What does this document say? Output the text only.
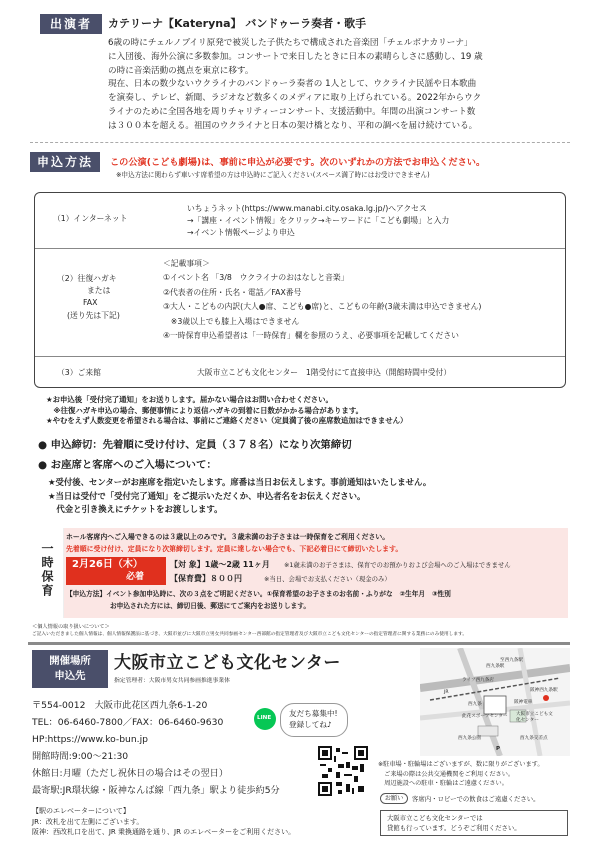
出演者	カテリーナ【Kateryna】 バンドゥーラ奏者・歌手
6歳の時にチェルノブイリ原発で被災した子供たちで構成された音楽団「チェルボナカリーナ」
に入団後、海外公演に多数参加。コンサートで来日したときに日本の素晴らしさに感動し、19 歳
の時に音楽活動の拠点を東京に移す。
現在、日本の数少ないウクライナのバンドゥーラ奏者の 1人として、ウクライナ民謡や日本歌曲
を演奏し、テレビ、新聞、ラジオなど数多くのメディアに取り上げられている。2022年からウク
ライナのために全国各地を周りチャリティーコンサート、支援活動中。年間の出演コンサート数
は３００本を超える。祖国のウクライナと日本の架け橋となり、平和の調べを届け続けている。
申込方法	この公演(こども劇場)は、事前に申込が必要です。次のいずれかの方法でお申込ください。
※申込方法に関わらず車いす席希望の方は申込時にご記入ください(スペース満了時にはお受けできません)
（1）インターネット
いちょうネット(https://www.manabi.city.osaka.lg.jp/)へアクセス
→「講座・イベント情報」をクリック→キーワードに「こども劇場」と入力
→イベント情報ページより申込
（2）往復ハガキ
または
FAX
(送り先は下記)
＜記載事項＞
①イベント名 「3/8　ウクライナのおはなしと音楽」
②代表者の住所・氏名・電話／FAX番号
③大人・こどもの内訳(大人●席、こども●席)と、こどもの年齢(3歳未満は申込できません)
　※3歳以上でも膝上入場はできません
④一時保育申込希望者は「一時保育」欄を参照のうえ、必要事項を記載してください
（3）ご来館	大阪市立こども文化センター　1階受付にて直接申込（開館時間中受付）
★お申込後「受付完了通知」をお送りします。届かない場合はお問い合わせください。
　※往復ハガキ申込の場合、郵便事情により返信ハガキの到着に日数がかかる場合があります。
★やむをえず人数変更を希望される場合は、事前にご連絡ください（定員満了後の座席数追加はできません）
● 申込締切：先着順に受け付け、定員（３７８名）になり次第締切
● お座席と客席へのご入場について：
★受付後、センターがお座席を指定いたします。席番は当日お伝えします。事前通知はいたしません。
★当日は受付で「受付完了通知」をご提示いただくか、申込者名をお伝えください。
　代金と引き換えにチケットをお渡しします。
一時保育
ホール客席内へご入場できるのは３歳以上のみです。３歳未満のお子さまは一時保育をご利用ください。
先着順に受け付け、定員になり次第締切します。定員に達しない場合でも、下記必着日にて締切いたします。
2月26日（木）
必着
【対 象】1歳～2歳 11ヶ月 ※1歳未満のお子さまは、保育でのお預かりおよび会場へのご入場はできません
【保育費】８００円	※当日、会場でお支払ください（現金のみ）
【申込方法】イベント参加申込時に、次の３点をご明記ください。①保育希望のお子さまのお名前・ふりがな　②生年月　③性別
お申込された方には、締切日後、郵送にてご案内をお送りします。
＜個人情報の取り扱いについて＞
ご記入いただきました個人情報は、個人情報保護法に基づき、大阪市並びに大阪市立男女共同参画センター西部館の指定管理者及び大阪市立こども文化センターの指定管理者に関する業務にのみ使用します。
開催場所
申込先
大阪市立こども文化センター
指定管理者：大阪市男女共同参画推進事業体
〒554-0012　大阪市此花区西九条6-1-20
TEL：06-6460-7800／FAX：06-6460-9630
HP:https://www.ko-bun.jp
開館時間:9:00～21:30
休館日:月曜（ただし祝休日の場合はその翌日）
最寄駅:JR環状線・阪神なんば線「西九条」駅より徒歩約5分
LINE 友だち募集中!
登録してね♪
【駅のエレベーターについて】
JR：改札を出て左側にございます。
阪神：西改札口を出て、JR 乗換通路を通り、JR のエレベーターをご利用ください。
至西九条駅
ライフ西九条店
西九条駅
JR
阪神電車
西九条
此花スポーツセンター 大阪市立こども文化センター
西九条公園	酉九条交差点
P
阪神西九条駅
※駐車場・駐輪場はございますが、数に限りがございます。
　ご来場の際は公共交通機関をご利用ください。
　周辺施設への駐車・駐輪はご遠慮ください。
お願い	客席内・ロビーでの飲食はご遠慮ください。
大阪市立こども文化センターでは
貸館も行っています。どうぞご利用ください。
